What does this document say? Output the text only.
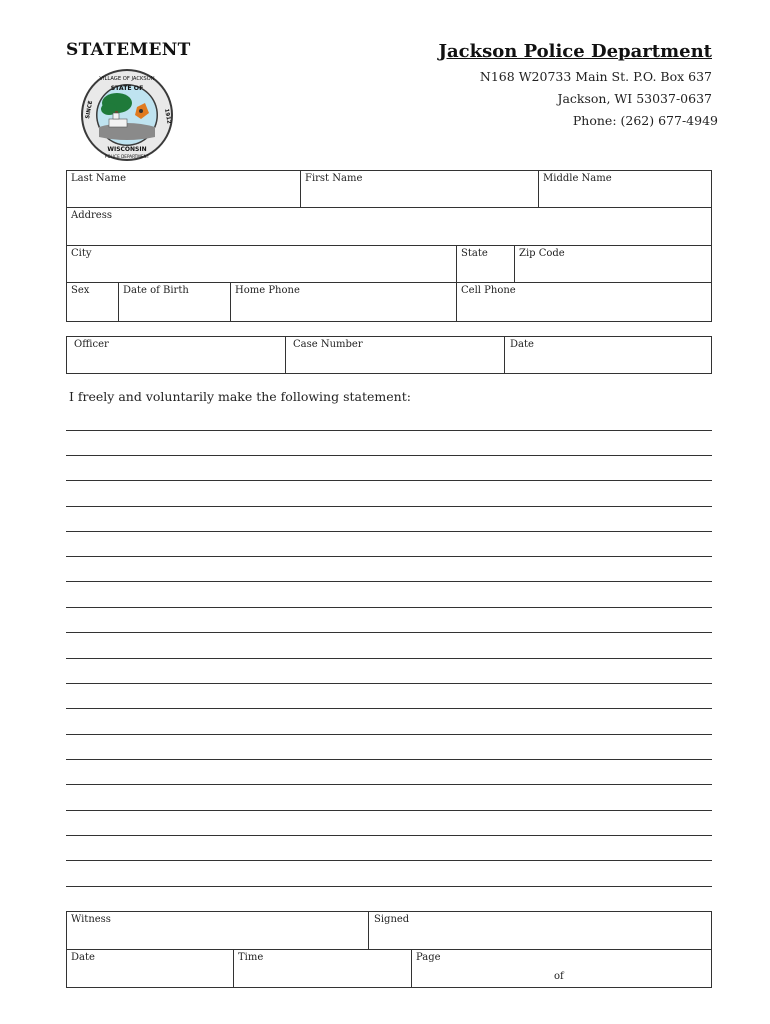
STATEMENT	Jackson Police Department
N168 W20733 Main St. P.O. Box 637
Jackson, WI 53037-0637
Phone: (262) 677-4949
VILLAGE OF JACKSON
STATE OF
WISCONSIN
POLICE DEPARTMENT
SINCE	1912
Last Name	First Name	Middle Name
Address
City	State	Zip Code
Sex	Date of Birth	Home Phone	Cell Phone
Officer	Case Number	Date
I freely and voluntarily make the following statement:
Witness	Signed
Date	Time	Page
of
